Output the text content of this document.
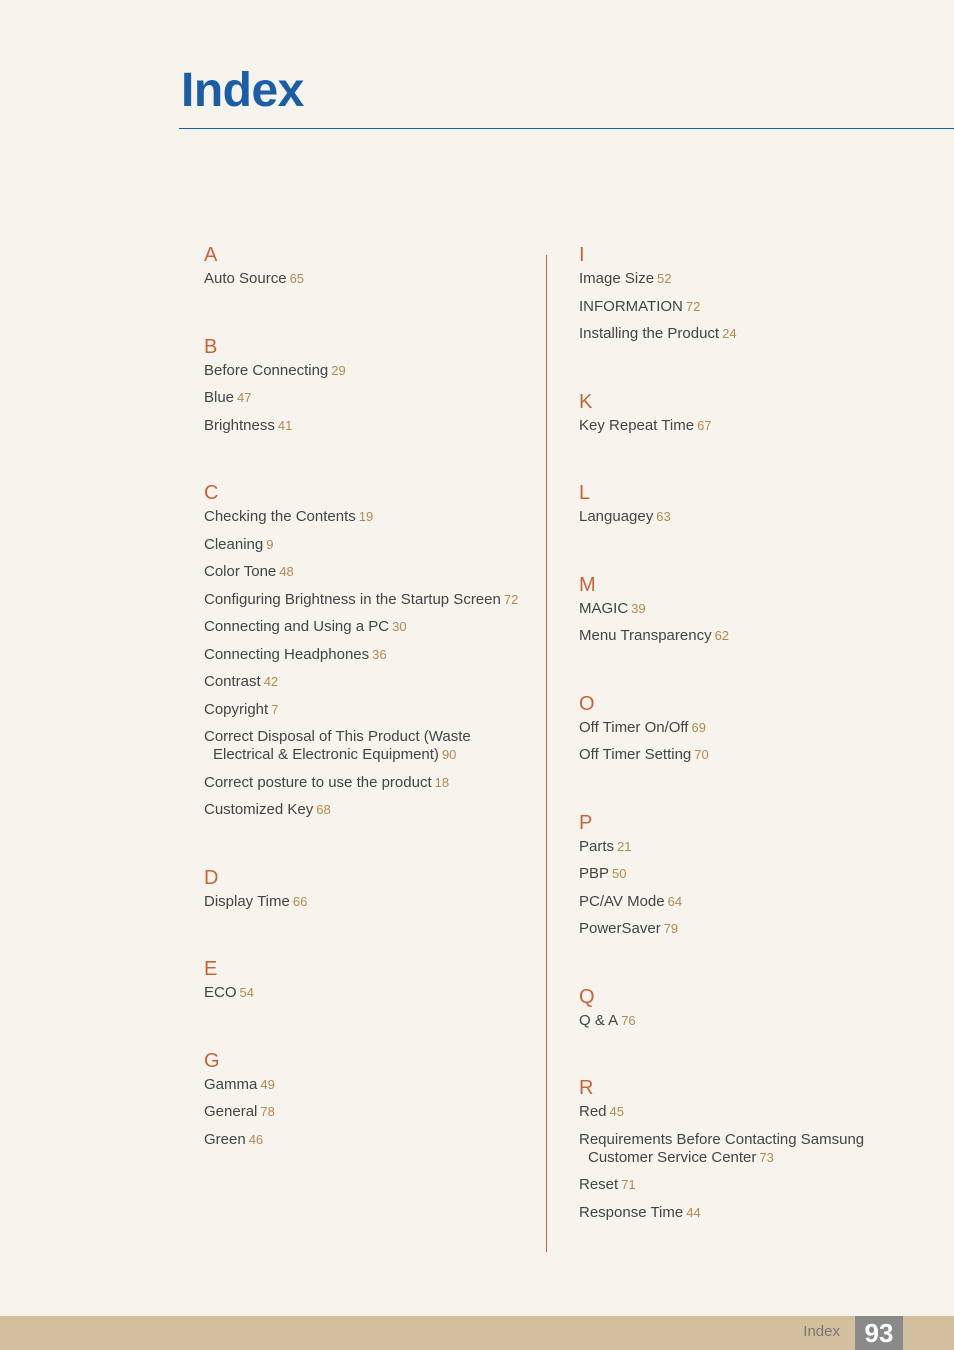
Index
A
Auto Source 65
B
Before Connecting 29
Blue 47
Brightness 41
C
Checking the Contents 19
Cleaning 9
Color Tone 48
Configuring Brightness in the Startup Screen 72
Connecting and Using a PC 30
Connecting Headphones 36
Contrast 42
Copyright 7
Correct Disposal of This Product (Waste Electrical & Electronic Equipment) 90
Correct posture to use the product 18
Customized Key 68
D
Display Time 66
E
ECO 54
G
Gamma 49
General 78
Green 46
I
Image Size 52
INFORMATION 72
Installing the Product 24
K
Key Repeat Time 67
L
Languagey 63
M
MAGIC 39
Menu Transparency 62
O
Off Timer On/Off 69
Off Timer Setting 70
P
Parts 21
PBP 50
PC/AV Mode 64
PowerSaver 79
Q
Q & A 76
R
Red 45
Requirements Before Contacting Samsung Customer Service Center 73
Reset 71
Response Time 44
Index 93
